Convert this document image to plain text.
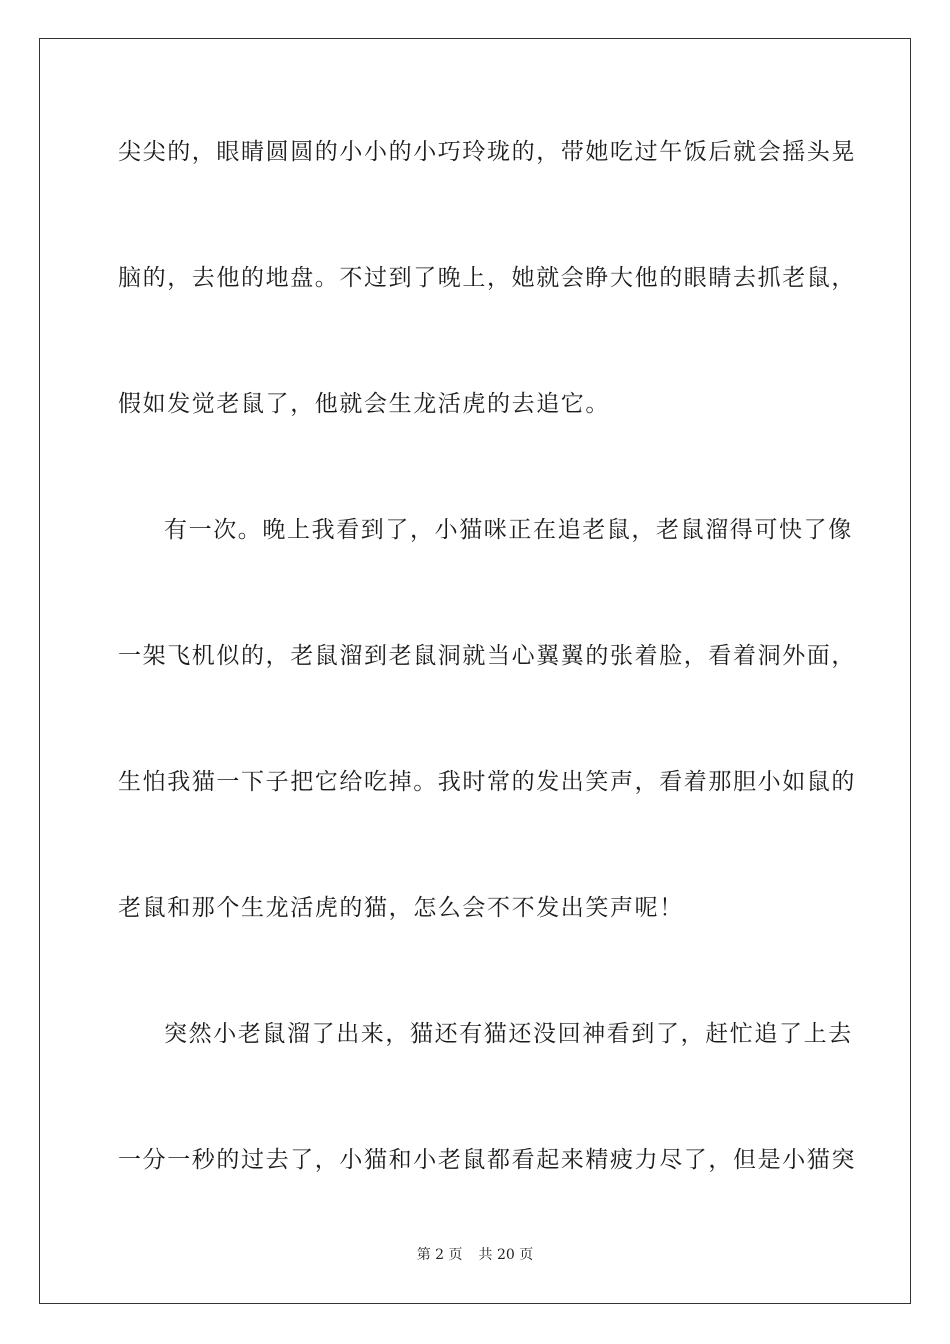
尖尖的，眼睛圆圆的小小的小巧玲珑的，带她吃过午饭后就会摇头晃
脑的，去他的地盘。不过到了晚上，她就会睁大他的眼睛去抓老鼠，
假如发觉老鼠了，他就会生龙活虎的去追它。
有一次。晚上我看到了，小猫咪正在追老鼠，老鼠溜得可快了像
一架飞机似的，老鼠溜到老鼠洞就当心翼翼的张着脸，看着洞外面，
生怕我猫一下子把它给吃掉。我时常的发出笑声，看着那胆小如鼠的
老鼠和那个生龙活虎的猫，怎么会不不发出笑声呢！
突然小老鼠溜了出来，猫还有猫还没回神看到了，赶忙追了上去
一分一秒的过去了，小猫和小老鼠都看起来精疲力尽了，但是小猫突
第 2 页 共 20 页
